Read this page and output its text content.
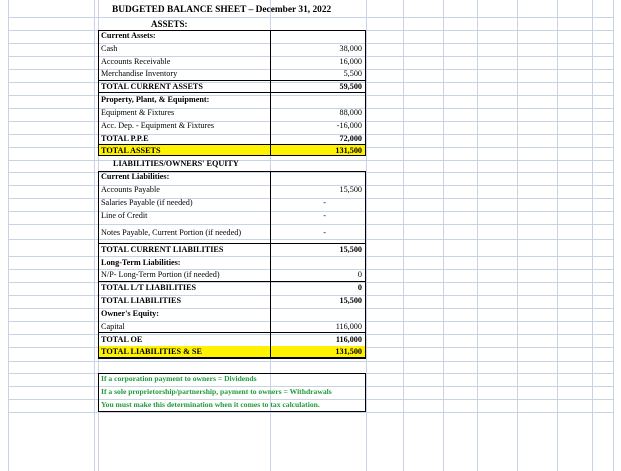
Current Assets:
Cash	38,000
Accounts Receivable	16,000
Merchandise Inventory	5,500
TOTAL CURRENT ASSETS	59,500
Property, Plant, & Equipment:
Equipment & Fixtures	88,000
Acc. Dep. - Equipment & Fixtures	-16,000
TOTAL P.P.E	72,000
TOTAL ASSETS	131,500
Current Liabilities:
Accounts Payable	15,500
Salaries Payable (if needed)	-
Line of Credit	-
Notes Payable, Current Portion (if needed)	-
TOTAL CURRENT LIABILITIES	15,500
Long-Term Liabilities:
N/P- Long-Term Portion (if needed)	0
TOTAL L/T LIABILITIES	0
TOTAL LIABILITIES	15,500
Owner's Equity:
Capital	116,000
TOTAL OE	116,000
TOTAL LIABILITIES & SE	131,500
BUDGETED BALANCE SHEET – December 31, 2022
ASSETS:
LIABILITIES/OWNERS' EQUITY
If a corporation payment to owners = Dividends
If a sole proprietorship/partnership, payment to owners = Withdrawals
You must make this determination when it comes to tax calculation.
